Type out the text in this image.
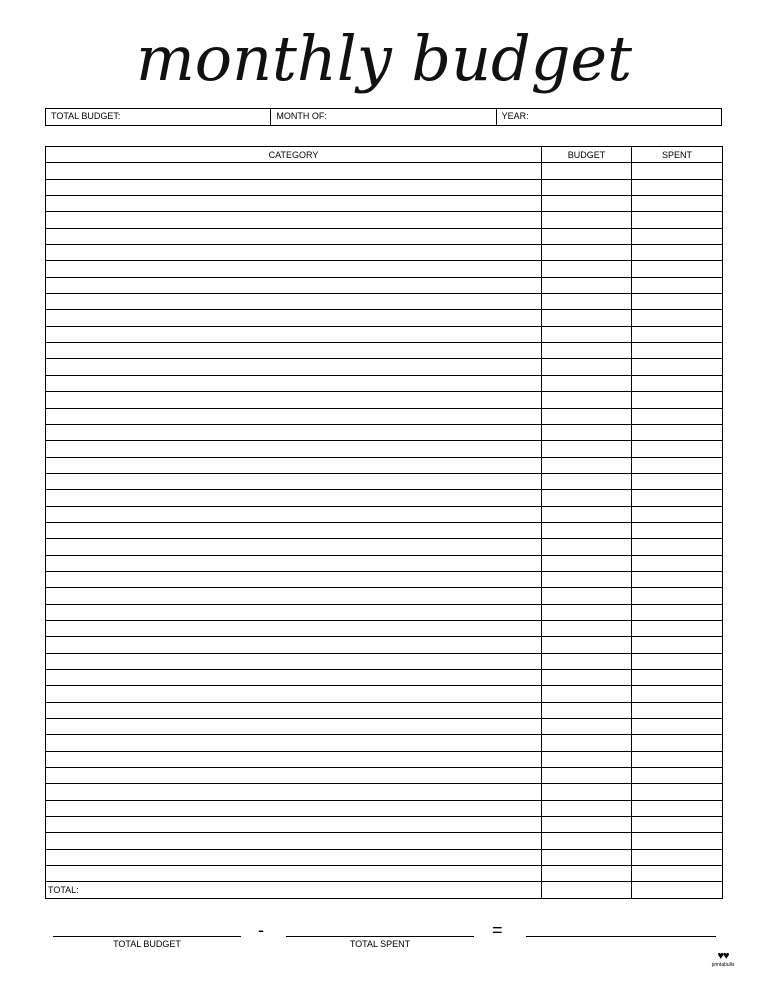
monthly budget
TOTAL BUDGET:	MONTH OF:	YEAR:
CATEGORY	BUDGET	SPENT

TOTAL:		
TOTAL BUDGET
-
TOTAL SPENT
=
♥♥
printabulls
